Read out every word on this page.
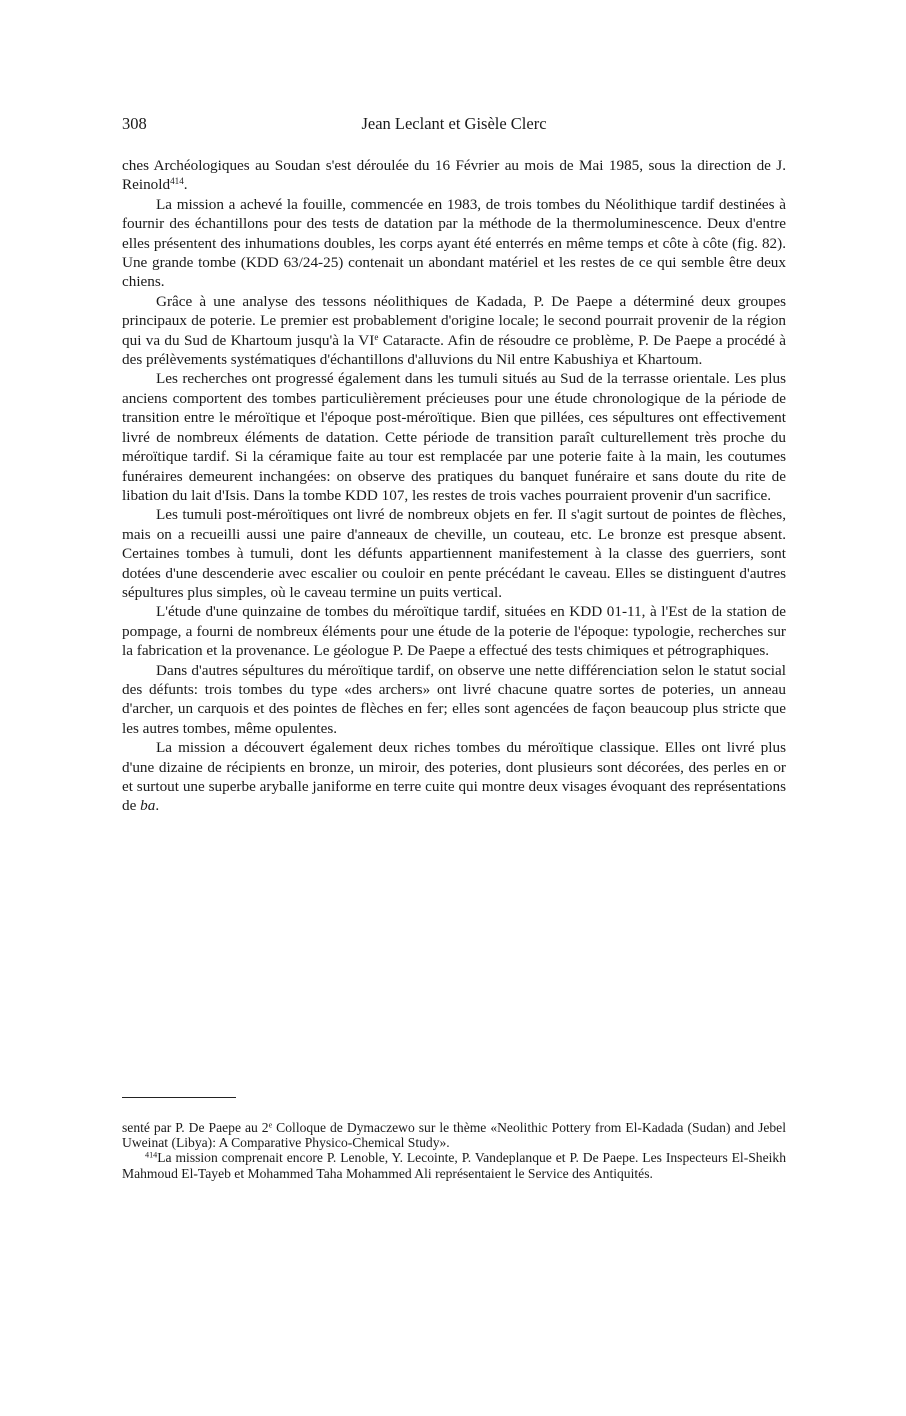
308	Jean Leclant et Gisèle Clerc

ches Archéologiques au Soudan s'est déroulée du 16 Février au mois de Mai 1985, sous la direction de J. Reinold$^{414}$.

La mission a achevé la fouille, commencée en 1983, de trois tombes du Néolithique tardif destinées à fournir des échantillons pour des tests de datation par la méthode de la thermoluminescence. Deux d'entre elles présentent des inhumations doubles, les corps ayant été enterrés en même temps et côte à côte (fig. 82). Une grande tombe (KDD 63/24-25) contenait un abondant matériel et les restes de ce qui semble être deux chiens.

Grâce à une analyse des tessons néolithiques de Kadada, P. De Paepe a déterminé deux groupes principaux de poterie. Le premier est probablement d'origine locale; le second pourrait provenir de la région qui va du Sud de Khartoum jusqu'à la VIe Cataracte. Afin de résoudre ce problème, P. De Paepe a procédé à des prélèvements systématiques d'échantillons d'alluvions du Nil entre Kabushiya et Khartoum.

Les recherches ont progressé également dans les tumuli situés au Sud de la terrasse orientale. Les plus anciens comportent des tombes particulièrement précieuses pour une étude chronologique de la période de transition entre le méroïtique et l'époque post-méroïtique. Bien que pillées, ces sépultures ont effectivement livré de nombreux éléments de datation. Cette période de transition paraît culturellement très proche du méroïtique tardif. Si la céramique faite au tour est remplacée par une poterie faite à la main, les coutumes funéraires demeurent inchangées: on observe des pratiques du banquet funéraire et sans doute du rite de libation du lait d'Isis. Dans la tombe KDD 107, les restes de trois vaches pourraient provenir d'un sacrifice.

Les tumuli post-méroïtiques ont livré de nombreux objets en fer. Il s'agit surtout de pointes de flèches, mais on a recueilli aussi une paire d'anneaux de cheville, un couteau, etc. Le bronze est presque absent. Certaines tombes à tumuli, dont les défunts appartiennent manifestement à la classe des guerriers, sont dotées d'une descenderie avec escalier ou couloir en pente précédant le caveau. Elles se distinguent d'autres sépultures plus simples, où le caveau termine un puits vertical.

L'étude d'une quinzaine de tombes du méroïtique tardif, situées en KDD 01-11, à l'Est de la station de pompage, a fourni de nombreux éléments pour une étude de la poterie de l'époque: typologie, recherches sur la fabrication et la provenance. Le géologue P. De Paepe a effectué des tests chimiques et pétrographiques.

Dans d'autres sépultures du méroïtique tardif, on observe une nette différenciation selon le statut social des défunts: trois tombes du type «des archers» ont livré chacune quatre sortes de poteries, un anneau d'archer, un carquois et des pointes de flèches en fer; elles sont agencées de façon beaucoup plus stricte que les autres tombes, même opulentes.

La mission a découvert également deux riches tombes du méroïtique classique. Elles ont livré plus d'une dizaine de récipients en bronze, un miroir, des poteries, dont plusieurs sont décorées, des perles en or et surtout une superbe aryballe janiforme en terre cuite qui montre deux visages évoquant des représentations de ba.

senté par P. De Paepe au 2e Colloque de Dymaczewo sur le thème «Neolithic Pottery from El-Kadada (Sudan) and Jebel Uweinat (Libya): A Comparative Physico-Chemical Study».

$^{414}$La mission comprenait encore P. Lenoble, Y. Lecointe, P. Vandeplanque et P. De Paepe. Les Inspecteurs El-Sheikh Mahmoud El-Tayeb et Mohammed Taha Mohammed Ali représentaient le Service des Antiquités.
